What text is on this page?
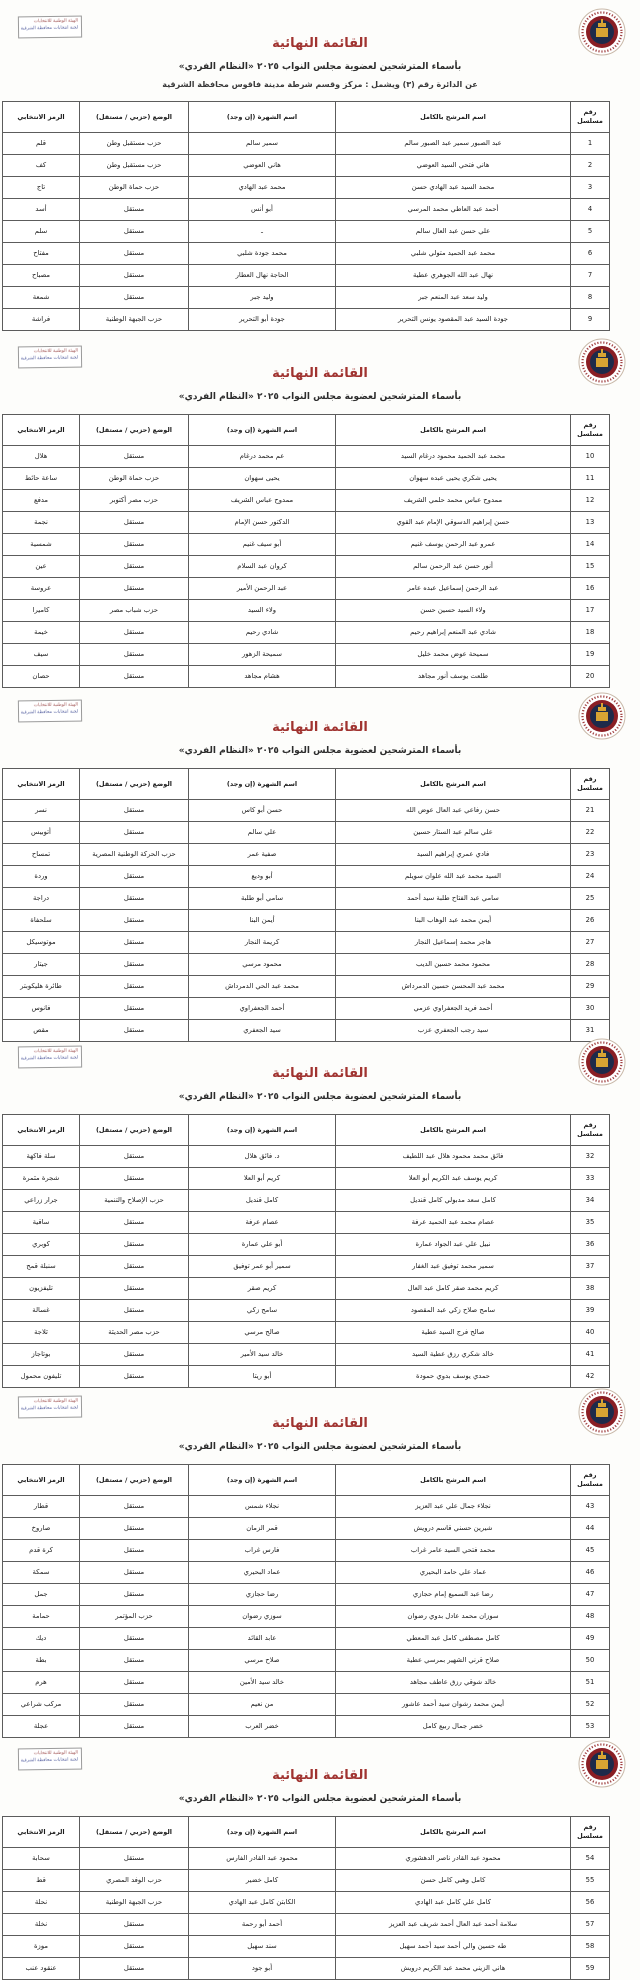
الهيئة الوطنية للانتخابات
لجنة انتخابات محافظة الشرقية
القائمة النهائية
بأسماء المترشحين لعضوية مجلس النواب ٢٠٢٥ «النظام الفردي»
عن الدائرة رقم (٣) ويشمل : مركز وقسم شرطة مدينة فاقوس محافظة الشرقية
رقم مسلسل	اسم المرشح بالكامل	اسم الشهرة (إن وجد)	الوضع (حزبي / مستقل)	الرمز الانتخابي
1	عبد الصبور سمير عبد الصبور سالم	سمير سالم	حزب مستقبل وطن	قلم
2	هاني فتحي السيد العوضي	هاني العوضي	حزب مستقبل وطن	كف
3	محمد السيد عبد الهادي حسن	محمد عبد الهادي	حزب حماة الوطن	تاج
4	أحمد عبد العاطي محمد المرسي	أبو أنس	مستقل	أسد
5	علي حسن عبد العال سالم	ـ	مستقل	سلم
6	محمد عبد الحميد متولي شلبي	محمد جودة شلبي	مستقل	مفتاح
7	نهال عبد الله الجوهري عطية	الحاجة نهال العطار	مستقل	مصباح
8	وليد سعد عبد المنعم جبر	وليد جبر	مستقل	شمعة
9	جودة السيد عبد المقصود يونس التحرير	جودة أبو التحرير	حزب الجبهة الوطنية	فراشة
الهيئة الوطنية للانتخابات
لجنة انتخابات محافظة الشرقية
القائمة النهائية
بأسماء المترشحين لعضوية مجلس النواب ٢٠٢٥ «النظام الفردي»
رقم مسلسل	اسم المرشح بالكامل	اسم الشهرة (إن وجد)	الوضع (حزبي / مستقل)	الرمز الانتخابي
10	محمد عبد الحميد محمود درغام السيد	عم محمد درغام	مستقل	هلال
11	يحيى شكري يحيى عبده سهوان	يحيى سهوان	حزب حماة الوطن	ساعة حائط
12	ممدوح عباس محمد حلمي الشريف	ممدوح عباس الشريف	حزب مصر أكتوبر	مدفع
13	حسن إبراهيم الدسوقي الإمام عبد القوي	الدكتور حسن الإمام	مستقل	نجمة
14	عمرو عبد الرحمن يوسف غنيم	أبو سيف غنيم	مستقل	شمسية
15	أنور حسن عبد الرحمن سالم	كروان عبد السلام	مستقل	عين
16	عبد الرحمن إسماعيل عبده عامر	عبد الرحمن الأمير	مستقل	عروسة
17	ولاء السيد حسين حسن	ولاء السيد	حزب شباب مصر	كاميرا
18	شادي عبد المنعم إبراهيم رحيم	شادي رحيم	مستقل	خيمة
19	سميحة عوض محمد خليل	سميحة الزهور	مستقل	سيف
20	طلعت يوسف أنور مجاهد	هشام مجاهد	مستقل	حصان
الهيئة الوطنية للانتخابات
لجنة انتخابات محافظة الشرقية
القائمة النهائية
بأسماء المترشحين لعضوية مجلس النواب ٢٠٢٥ «النظام الفردي»
رقم مسلسل	اسم المرشح بالكامل	اسم الشهرة (إن وجد)	الوضع (حزبي / مستقل)	الرمز الانتخابي
21	حسن رفاعي عبد العال عوض الله	حسن أبو كاس	مستقل	نسر
22	علي سالم عبد الستار حسين	علي سالم	مستقل	أتوبيس
23	فادي عمري إبراهيم السيد	صفية عمر	حزب الحركة الوطنية المصرية	تمساح
24	السيد محمد عبد الله علوان سويلم	أبو وديع	مستقل	وردة
25	سامي عبد الفتاح طلبة سيد أحمد	سامي أبو طلبة	مستقل	دراجة
26	أيمن محمد عبد الوهاب البنا	أيمن البنا	مستقل	سلحفاة
27	هاجر محمد إسماعيل النجار	كريمة النجار	مستقل	موتوسيكل
28	محمود محمد حسين الديب	محمود مرسي	مستقل	جيتار
29	محمد عبد المحسن حسين الدمرداش	محمد عبد الحي الدمرداش	مستقل	طائرة هليكوبتر
30	أحمد فريد الجعفراوي عزمي	أحمد الجعفراوي	مستقل	فانوس
31	سيد رجب الجعفري عزب	سيد الجعفري	مستقل	مقص
الهيئة الوطنية للانتخابات
لجنة انتخابات محافظة الشرقية
القائمة النهائية
بأسماء المترشحين لعضوية مجلس النواب ٢٠٢٥ «النظام الفردي»
رقم مسلسل	اسم المرشح بالكامل	اسم الشهرة (إن وجد)	الوضع (حزبي / مستقل)	الرمز الانتخابي
32	فائق محمد محمود هلال عبد اللطيف	د. فائق هلال	مستقل	سلة فاكهة
33	كريم يوسف عبد الكريم أبو العلا	كريم أبو العلا	مستقل	شجرة مثمرة
34	كامل سعد مدبولي كامل قنديل	كامل قنديل	حزب الإصلاح والتنمية	جرار زراعي
35	عصام محمد عبد الحميد عرفة	عصام عرفة	مستقل	ساقية
36	نبيل علي عبد الجواد عمارة	أبو علي عمارة	مستقل	كوبري
37	سمير محمد توفيق عبد الغفار	سمير أبو عمر توفيق	مستقل	سنبلة قمح
38	كريم محمد صقر كامل عبد العال	كريم صقر	مستقل	تليفزيون
39	سامح صلاح زكي عبد المقصود	سامح زكي	مستقل	غسالة
40	صالح فرج السيد عطية	صالح مرسي	حزب مصر الحديثة	ثلاجة
41	خالد شكري رزق عطية السيد	خالد سيد الأمير	مستقل	بوتاجاز
42	حمدي يوسف بدوي حمودة	أبو ريتا	مستقل	تليفون محمول
الهيئة الوطنية للانتخابات
لجنة انتخابات محافظة الشرقية
القائمة النهائية
بأسماء المترشحين لعضوية مجلس النواب ٢٠٢٥ «النظام الفردي»
رقم مسلسل	اسم المرشح بالكامل	اسم الشهرة (إن وجد)	الوضع (حزبي / مستقل)	الرمز الانتخابي
43	نجلاء جمال علي عبد العزيز	نجلاء شمس	مستقل	قطار
44	شيرين حسني قاسم درويش	قمر الزمان	مستقل	صاروخ
45	محمد فتحي السيد عامر غراب	فارس غراب	مستقل	كرة قدم
46	عماد علي حامد البحيري	عماد البحيري	مستقل	سمكة
47	رضا عبد السميع إمام حجازي	رضا حجازي	مستقل	جمل
48	سوزان محمد عادل بدوي رضوان	سوزي رضوان	حزب المؤتمر	حمامة
49	كامل مصطفى كامل عبد المعطي	عابد القائد	مستقل	ديك
50	صلاح قرني الشهير بمرسي عطية	صلاح مرسي	مستقل	بطة
51	خالد شوقي رزق عاطف مجاهد	خالد سيد الأمين	مستقل	هرم
52	أيمن محمد رشوان سيد أحمد عاشور	من نعيم	مستقل	مركب شراعي
53	خضر جمال ربيع كامل	خضر العرب	مستقل	عجلة
الهيئة الوطنية للانتخابات
لجنة انتخابات محافظة الشرقية
القائمة النهائية
بأسماء المترشحين لعضوية مجلس النواب ٢٠٢٥ «النظام الفردي»
رقم مسلسل	اسم المرشح بالكامل	اسم الشهرة (إن وجد)	الوضع (حزبي / مستقل)	الرمز الانتخابي
54	محمود عبد القادر ناصر الدهشوري	محمود عبد القادر الفارس	مستقل	سحابة
55	كامل وهبي كامل حسن	كامل خضير	حزب الوفد المصري	قط
56	كامل علي كامل عبد الهادي	الكابتن كامل عبد الهادي	حزب الجبهة الوطنية	نحلة
57	سلامة أحمد عبد العال أحمد شريف عبد العزيز	أحمد أبو رحمة	مستقل	نخلة
58	طه حسين والي أحمد سيد أحمد سهيل	سند سهيل	مستقل	موزة
59	هاني الزيني محمد عبد الكريم درويش	أبو جود	مستقل	عنقود عنب
